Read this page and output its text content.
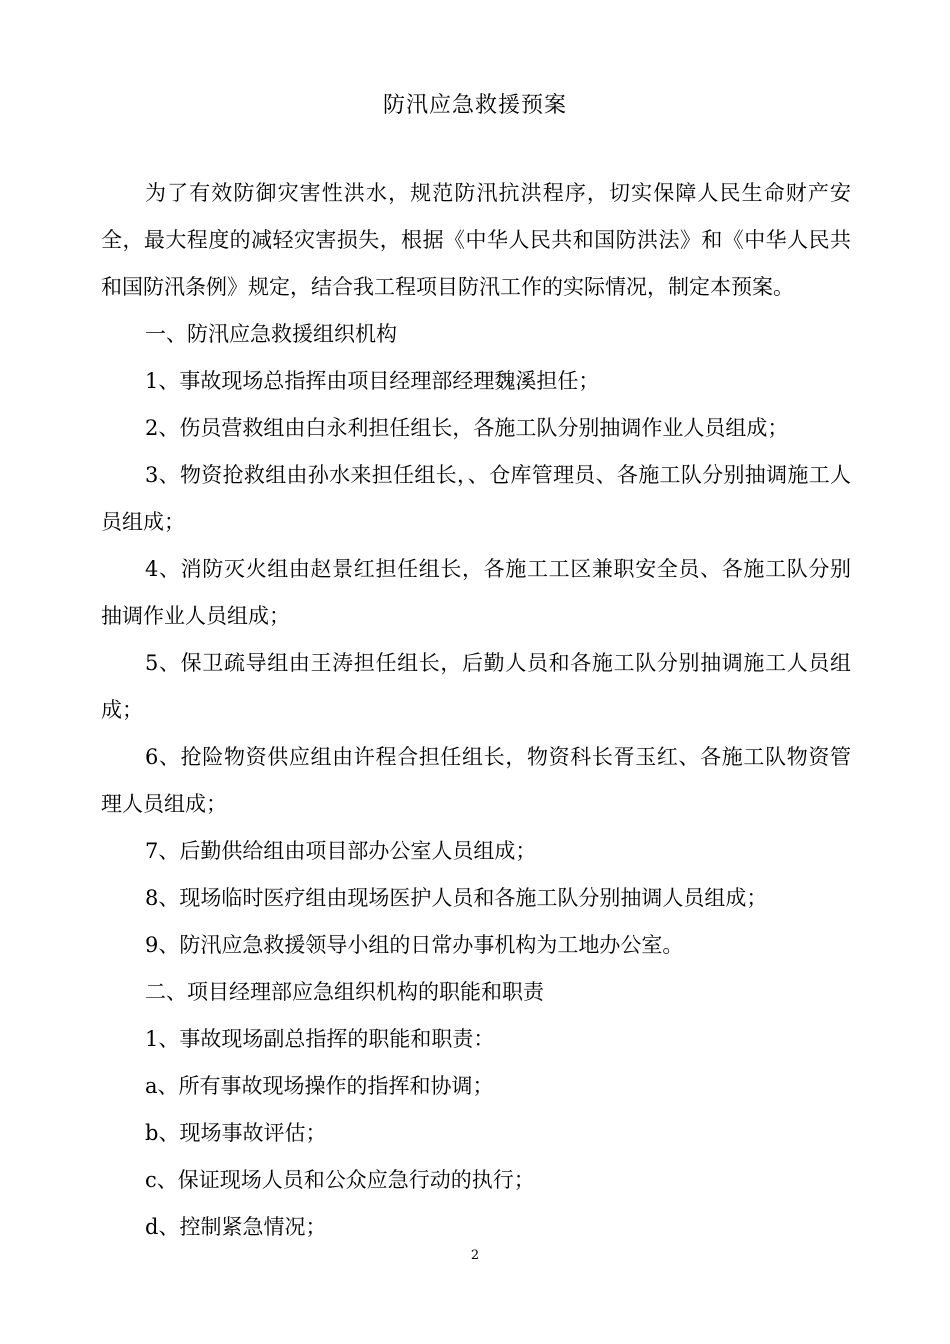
防汛应急救援预案

为了有效防御灾害性洪水，规范防汛抗洪程序，切实保障人民生命财产安全，最大程度的减轻灾害损失，根据《中华人民共和国防洪法》和《中华人民共和国防汛条例》规定，结合我工程项目防汛工作的实际情况，制定本预案。

一、防汛应急救援组织机构

1、事故现场总指挥由项目经理部经理魏溪担任；

2、伤员营救组由白永利担任组长，各施工队分别抽调作业人员组成；

3、物资抢救组由孙水来担任组长，、仓库管理员、各施工队分别抽调施工人员组成；

4、消防灭火组由赵景红担任组长，各施工工区兼职安全员、各施工队分别抽调作业人员组成；

5、保卫疏导组由王涛担任组长，后勤人员和各施工队分别抽调施工人员组成；

6、抢险物资供应组由许程合担任组长，物资科长胥玉红、各施工队物资管理人员组成；

7、后勤供给组由项目部办公室人员组成；

8、现场临时医疗组由现场医护人员和各施工队分别抽调人员组成；

9、防汛应急救援领导小组的日常办事机构为工地办公室。

二、项目经理部应急组织机构的职能和职责

1、事故现场副总指挥的职能和职责：

a、所有事故现场操作的指挥和协调；

b、现场事故评估；

c、保证现场人员和公众应急行动的执行；

d、控制紧急情况；

2
